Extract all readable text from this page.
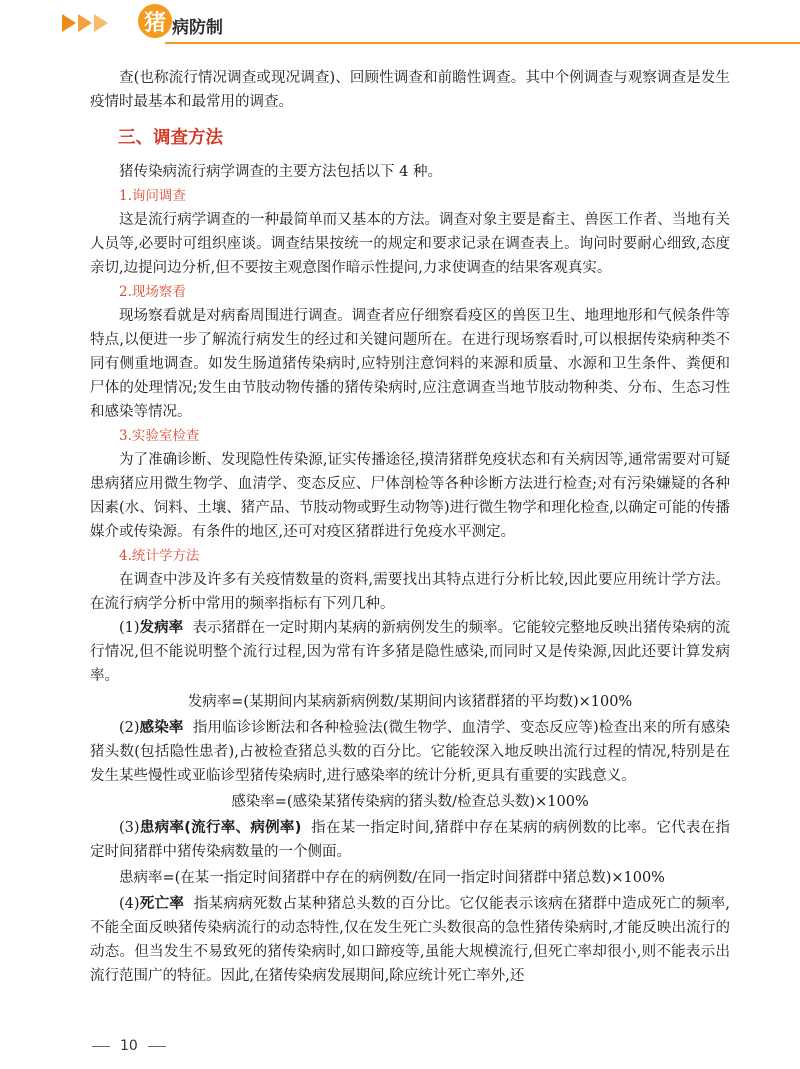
猪 病防制

查(也称流行情况调查或现况调查)、回顾性调查和前瞻性调查。其中个例调查与观察调查是发生疫情时最基本和最常用的调查。

三、调查方法

猪传染病流行病学调查的主要方法包括以下 4 种。

1.询问调查

这是流行病学调查的一种最简单而又基本的方法。调查对象主要是畜主、兽医工作者、当地有关人员等,必要时可组织座谈。调查结果按统一的规定和要求记录在调查表上。询问时要耐心细致,态度亲切,边提问边分析,但不要按主观意图作暗示性提问,力求使调查的结果客观真实。

2.现场察看

现场察看就是对病畜周围进行调查。调查者应仔细察看疫区的兽医卫生、地理地形和气候条件等特点,以便进一步了解流行病发生的经过和关键问题所在。在进行现场察看时,可以根据传染病种类不同有侧重地调查。如发生肠道猪传染病时,应特别注意饲料的来源和质量、水源和卫生条件、粪便和尸体的处理情况;发生由节肢动物传播的猪传染病时,应注意调查当地节肢动物种类、分布、生态习性和感染等情况。

3.实验室检查

为了准确诊断、发现隐性传染源,证实传播途径,摸清猪群免疫状态和有关病因等,通常需要对可疑患病猪应用微生物学、血清学、变态反应、尸体剖检等各种诊断方法进行检查;对有污染嫌疑的各种因素(水、饲料、土壤、猪产品、节肢动物或野生动物等)进行微生物学和理化检查,以确定可能的传播媒介或传染源。有条件的地区,还可对疫区猪群进行免疫水平测定。

4.统计学方法

在调查中涉及许多有关疫情数量的资料,需要找出其特点进行分析比较,因此要应用统计学方法。在流行病学分析中常用的频率指标有下列几种。

(1)发病率 表示猪群在一定时期内某病的新病例发生的频率。它能较完整地反映出猪传染病的流行情况,但不能说明整个流行过程,因为常有许多猪是隐性感染,而同时又是传染源,因此还要计算发病率。

发病率=(某期间内某病新病例数/某期间内该猪群猪的平均数)×100%

(2)感染率 指用临诊诊断法和各种检验法(微生物学、血清学、变态反应等)检查出来的所有感染猪头数(包括隐性患者),占被检查猪总头数的百分比。它能较深入地反映出流行过程的情况,特别是在发生某些慢性或亚临诊型猪传染病时,进行感染率的统计分析,更具有重要的实践意义。

感染率=(感染某猪传染病的猪头数/检查总头数)×100%

(3)患病率(流行率、病例率) 指在某一指定时间,猪群中存在某病的病例数的比率。它代表在指定时间猪群中猪传染病数量的一个侧面。

患病率=(在某一指定时间猪群中存在的病例数/在同一指定时间猪群中猪总数)×100%

(4)死亡率 指某病病死数占某种猪总头数的百分比。它仅能表示该病在猪群中造成死亡的频率,不能全面反映猪传染病流行的动态特性,仅在发生死亡头数很高的急性猪传染病时,才能反映出流行的动态。但当发生不易致死的猪传染病时,如口蹄疫等,虽能大规模流行,但死亡率却很小,则不能表示出流行范围广的特征。因此,在猪传染病发展期间,除应统计死亡率外,还

10
